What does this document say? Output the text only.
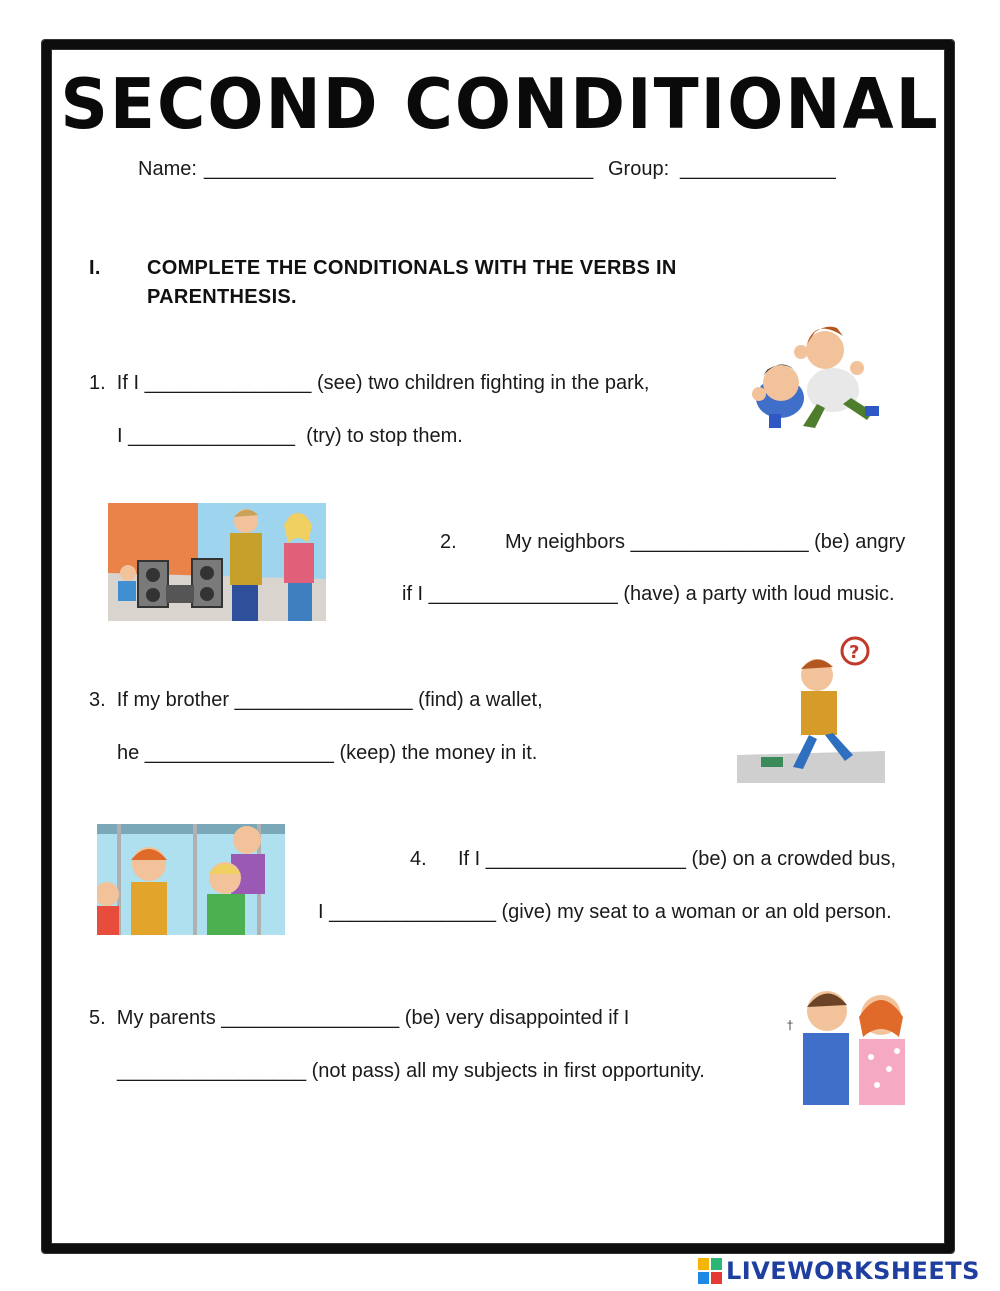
SECOND CONDITIONAL
Name: ___________________________________ Group: ______________
I. COMPLETE THE CONDITIONALS WITH THE VERBS IN
PARENTHESIS.
1.  If I _______________ (see) two children fighting in the park,
I _______________  (try) to stop them.
2. My neighbors ________________ (be) angry
if I _________________ (have) a party with loud music.
3.  If my brother ________________ (find) a wallet,
he _________________ (keep) the money in it.
4. If I __________________ (be) on a crowded bus,
I _______________ (give) my seat to a woman or an old person.
5.  My parents ________________ (be) very disappointed if I
_________________ (not pass) all my subjects in first opportunity.
?
†
LIVEWORKSHEETS
